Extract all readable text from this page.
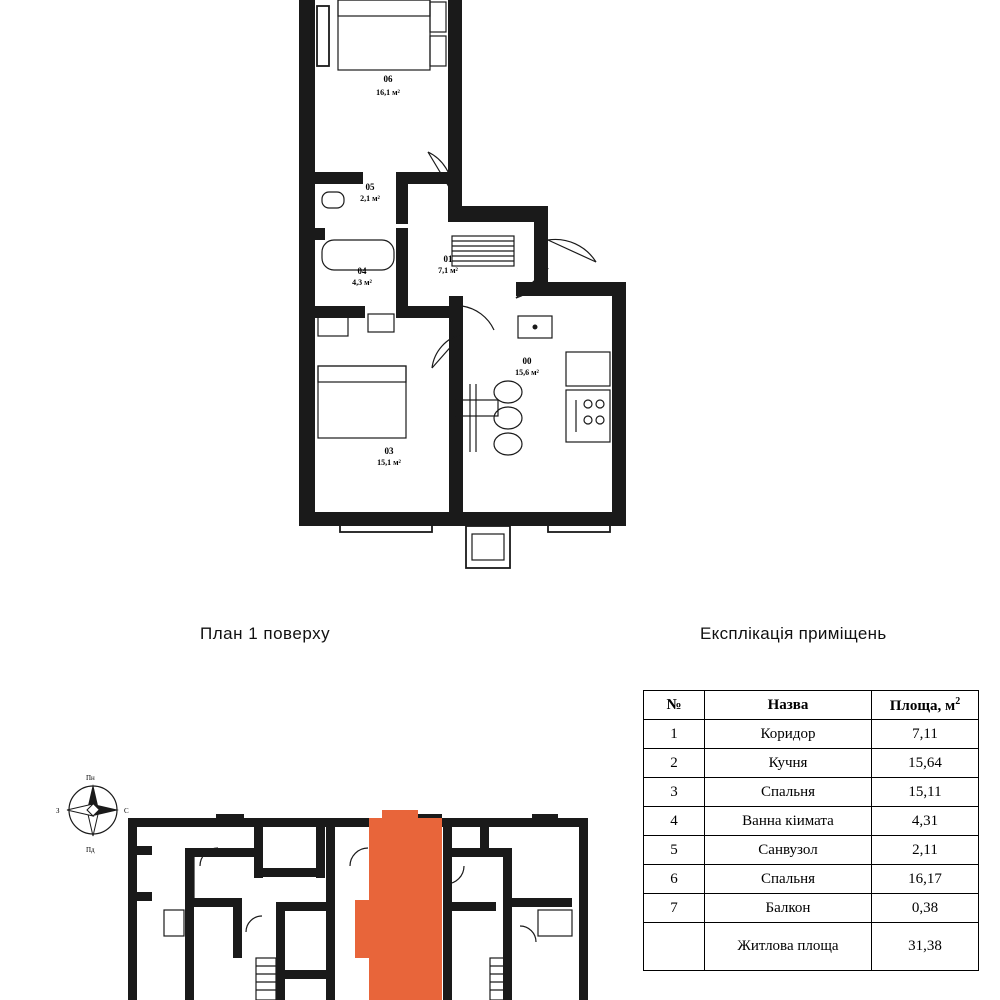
06
16,1 м²
05
2,1 м²
04
4,3 м²
01
7,1 м²
00
15,6 м²
03
15,1 м²
План 1 поверху	Експлікація приміщень
Пн
С
Пд
З
№	Назва	Площа, $м^2$
1	Коридор	7,11
2	Кучня	15,64
3	Спальня	15,11
4	Ванна кіимата	4,31
5	Санвузол	2,11
6	Спальня	16,17
7	Балкон	0,38
	Житлова площа	31,38
